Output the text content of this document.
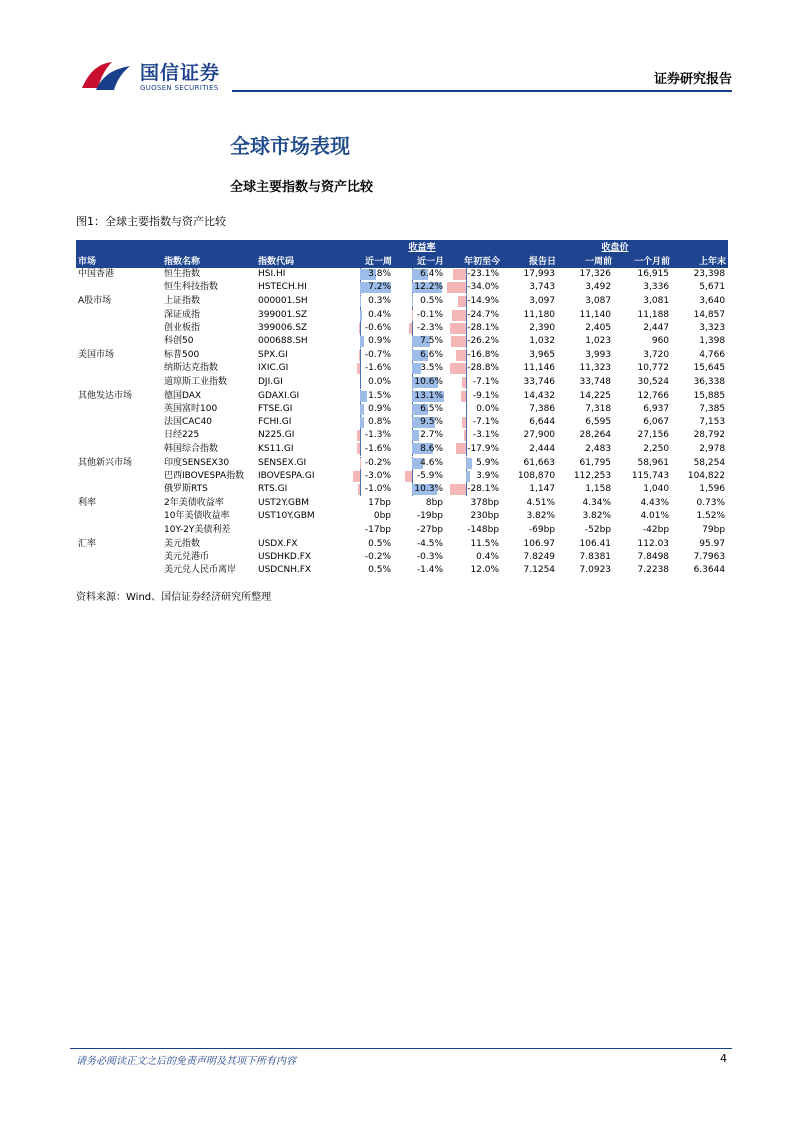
国信证券
GUOSEN SECURITIES
证券研究报告
全球市场表现
全球主要指数与资产比较
图1：全球主要指数与资产比较
			收益率			收盘价			
市场	指数名称	指数代码	近一周	近一月	年初至今	报告日	一周前	一个月前	上年末
中国香港	恒生指数	HSI.HI	3.8%	6.4%	-23.1%	17,993	17,326	16,915	23,398
	恒生科技指数	HSTECH.HI	7.2%	12.2%	-34.0%	3,743	3,492	3,336	5,671
A股市场	上证指数	000001.SH	0.3%	0.5%	-14.9%	3,097	3,087	3,081	3,640
	深证成指	399001.SZ	0.4%	-0.1%	-24.7%	11,180	11,140	11,188	14,857
	创业板指	399006.SZ	-0.6%	-2.3%	-28.1%	2,390	2,405	2,447	3,323
	科创50	000688.SH	0.9%	7.5%	-26.2%	1,032	1,023	960	1,398
美国市场	标普500	SPX.GI	-0.7%	6.6%	-16.8%	3,965	3,993	3,720	4,766
	纳斯达克指数	IXIC.GI	-1.6%	3.5%	-28.8%	11,146	11,323	10,772	15,645
	道琼斯工业指数	DJI.GI	0.0%	10.6%	-7.1%	33,746	33,748	30,524	36,338
其他发达市场	德国DAX	GDAXI.GI	1.5%	13.1%	-9.1%	14,432	14,225	12,766	15,885
	英国富时100	FTSE.GI	0.9%	6.5%	0.0%	7,386	7,318	6,937	7,385
	法国CAC40	FCHI.GI	0.8%	9.5%	-7.1%	6,644	6,595	6,067	7,153
	日经225	N225.GI	-1.3%	2.7%	-3.1%	27,900	28,264	27,156	28,792
	韩国综合指数	KS11.GI	-1.6%	8.6%	-17.9%	2,444	2,483	2,250	2,978
其他新兴市场	印度SENSEX30	SENSEX.GI	-0.2%	4.6%	5.9%	61,663	61,795	58,961	58,254
	巴西IBOVESPA指数	IBOVESPA.GI	-3.0%	-5.9%	3.9%	108,870	112,253	115,743	104,822
	俄罗斯RTS	RTS.GI	-1.0%	10.3%	-28.1%	1,147	1,158	1,040	1,596
利率	2年美债收益率	UST2Y.GBM	17bp	8bp	378bp	4.51%	4.34%	4.43%	0.73%
	10年美债收益率	UST10Y.GBM	0bp	-19bp	230bp	3.82%	3.82%	4.01%	1.52%
	10Y-2Y美债利差		-17bp	-27bp	-148bp	-69bp	-52bp	-42bp	79bp
汇率	美元指数	USDX.FX	0.5%	-4.5%	11.5%	106.97	106.41	112.03	95.97
	美元兑港币	USDHKD.FX	-0.2%	-0.3%	0.4%	7.8249	7.8381	7.8498	7.7963
	美元兑人民币离岸	USDCNH.FX	0.5%	-1.4%	12.0%	7.1254	7.0923	7.2238	6.3644
资料来源：Wind、国信证券经济研究所整理
请务必阅读正文之后的免责声明及其项下所有内容	4
